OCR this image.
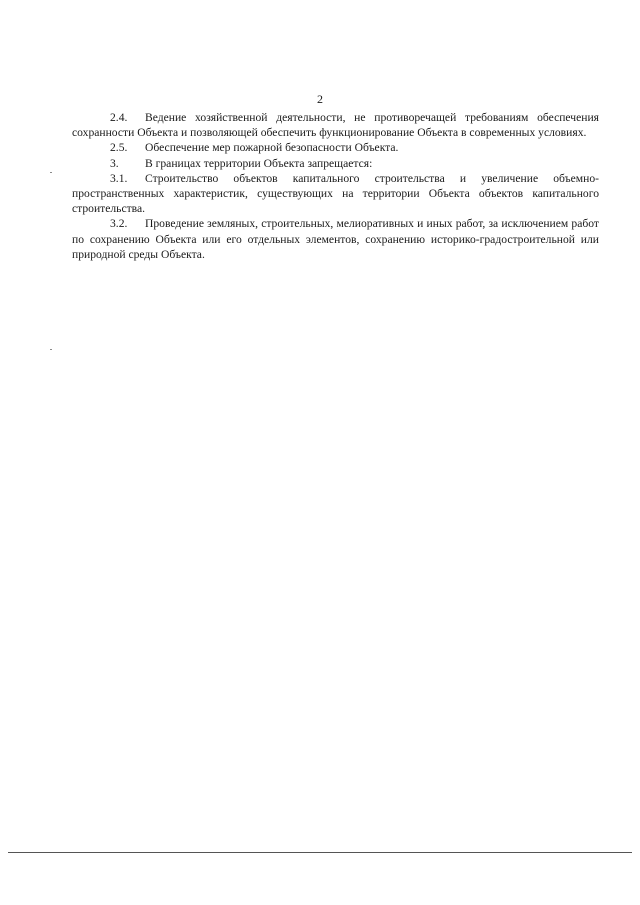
2

2.4. Ведение хозяйственной деятельности, не противоречащей требованиям обеспечения сохранности Объекта и позволяющей обеспечить функционирование Объекта в современных условиях.

2.5. Обеспечение мер пожарной безопасности Объекта.

3. В границах территории Объекта запрещается:

3.1. Строительство объектов капитального строительства и увеличение объемно-пространственных характеристик, существующих на территории Объекта объектов капитального строительства.

3.2. Проведение земляных, строительных, мелиоративных и иных работ, за исключением работ по сохранению Объекта или его отдельных элементов, сохранению историко-градостроительной или природной среды Объекта.
